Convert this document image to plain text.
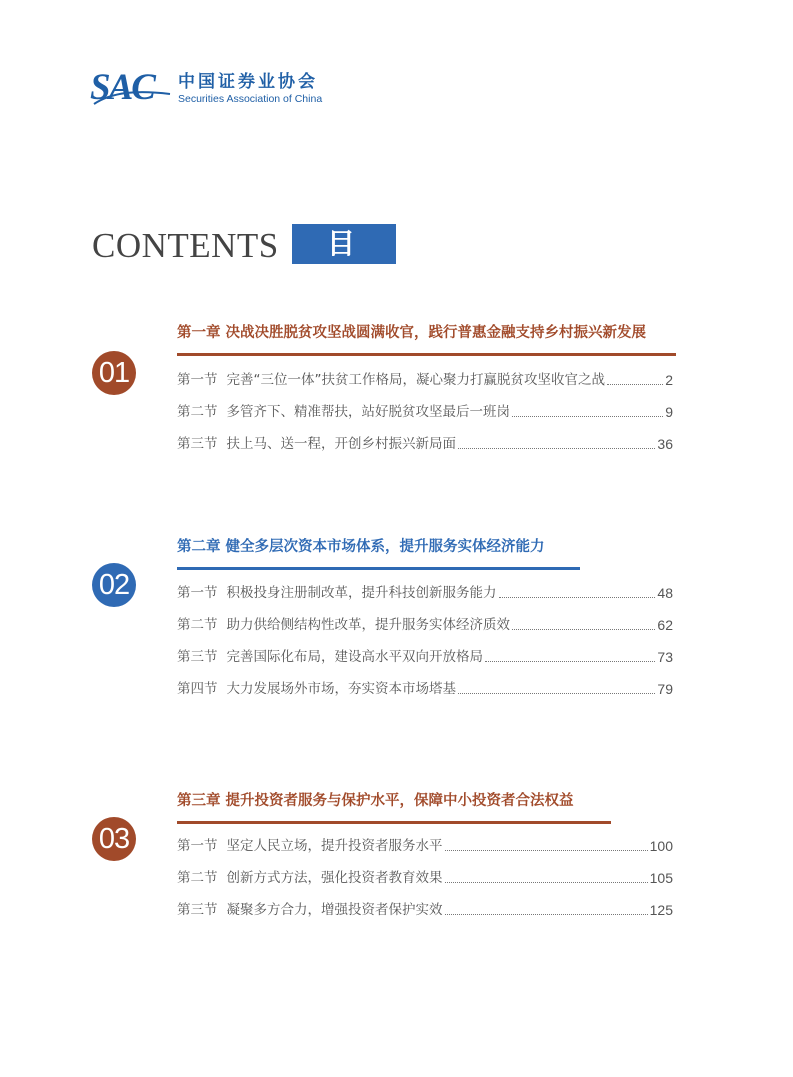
SAC 中国证券业协会
Securities Association of China
CONTENTS	目 录
第一章 决战决胜脱贫攻坚战圆满收官，践行普惠金融支持乡村振兴新发展
01	第一节 完善“三位一体”扶贫工作格局，凝心聚力打赢脱贫攻坚收官之战	2
第二节 多管齐下、精准帮扶，站好脱贫攻坚最后一班岗	9
第三节 扶上马、送一程，开创乡村振兴新局面	36
第二章 健全多层次资本市场体系，提升服务实体经济能力
02	第一节 积极投身注册制改革，提升科技创新服务能力	48
第二节 助力供给侧结构性改革，提升服务实体经济质效	62
第三节 完善国际化布局，建设高水平双向开放格局	73
第四节 大力发展场外市场，夯实资本市场塔基	79
第三章 提升投资者服务与保护水平，保障中小投资者合法权益
03	第一节 坚定人民立场，提升投资者服务水平	100
第二节 创新方式方法，强化投资者教育效果	105
第三节 凝聚多方合力，增强投资者保护实效	125
